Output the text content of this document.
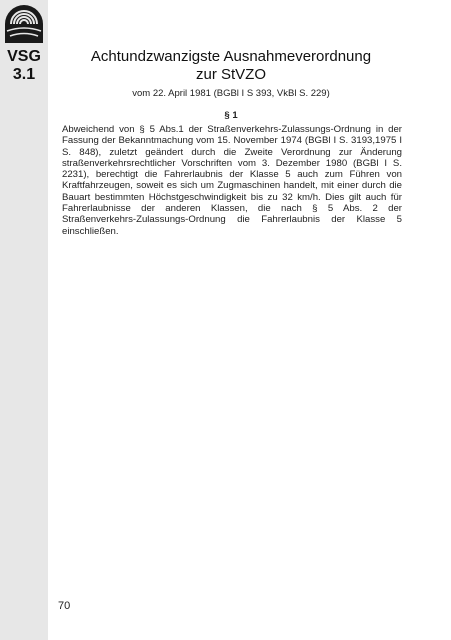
VSG
3.1
Achtundzwanzigste Ausnahmeverordnung
zur StVZO
vom 22. April 1981 (BGBl I S 393, VkBl S. 229)
§ 1
Abweichend von § 5 Abs.1 der Straßenverkehrs-Zulassungs-Ordnung in der Fassung der Bekanntmachung vom 15. November 1974 (BGBl I S. 3193,1975 I S. 848), zuletzt geändert durch die Zweite Verordnung zur Änderung straßenverkehrsrechtlicher Vorschriften vom 3. Dezember 1980 (BGBl I S. 2231), berechtigt die Fahrerlaubnis der Klasse 5 auch zum Führen von Kraftfahrzeugen, soweit es sich um Zugmaschinen handelt, mit einer durch die Bauart bestimmten Höchstgeschwindigkeit bis zu 32 km/h. Dies gilt auch für Fahrerlaubnisse der anderen Klassen, die nach § 5 Abs. 2 der Straßenverkehrs-Zulassungs-Ordnung die Fahrerlaubnis der Klasse 5 einschließen.
70
